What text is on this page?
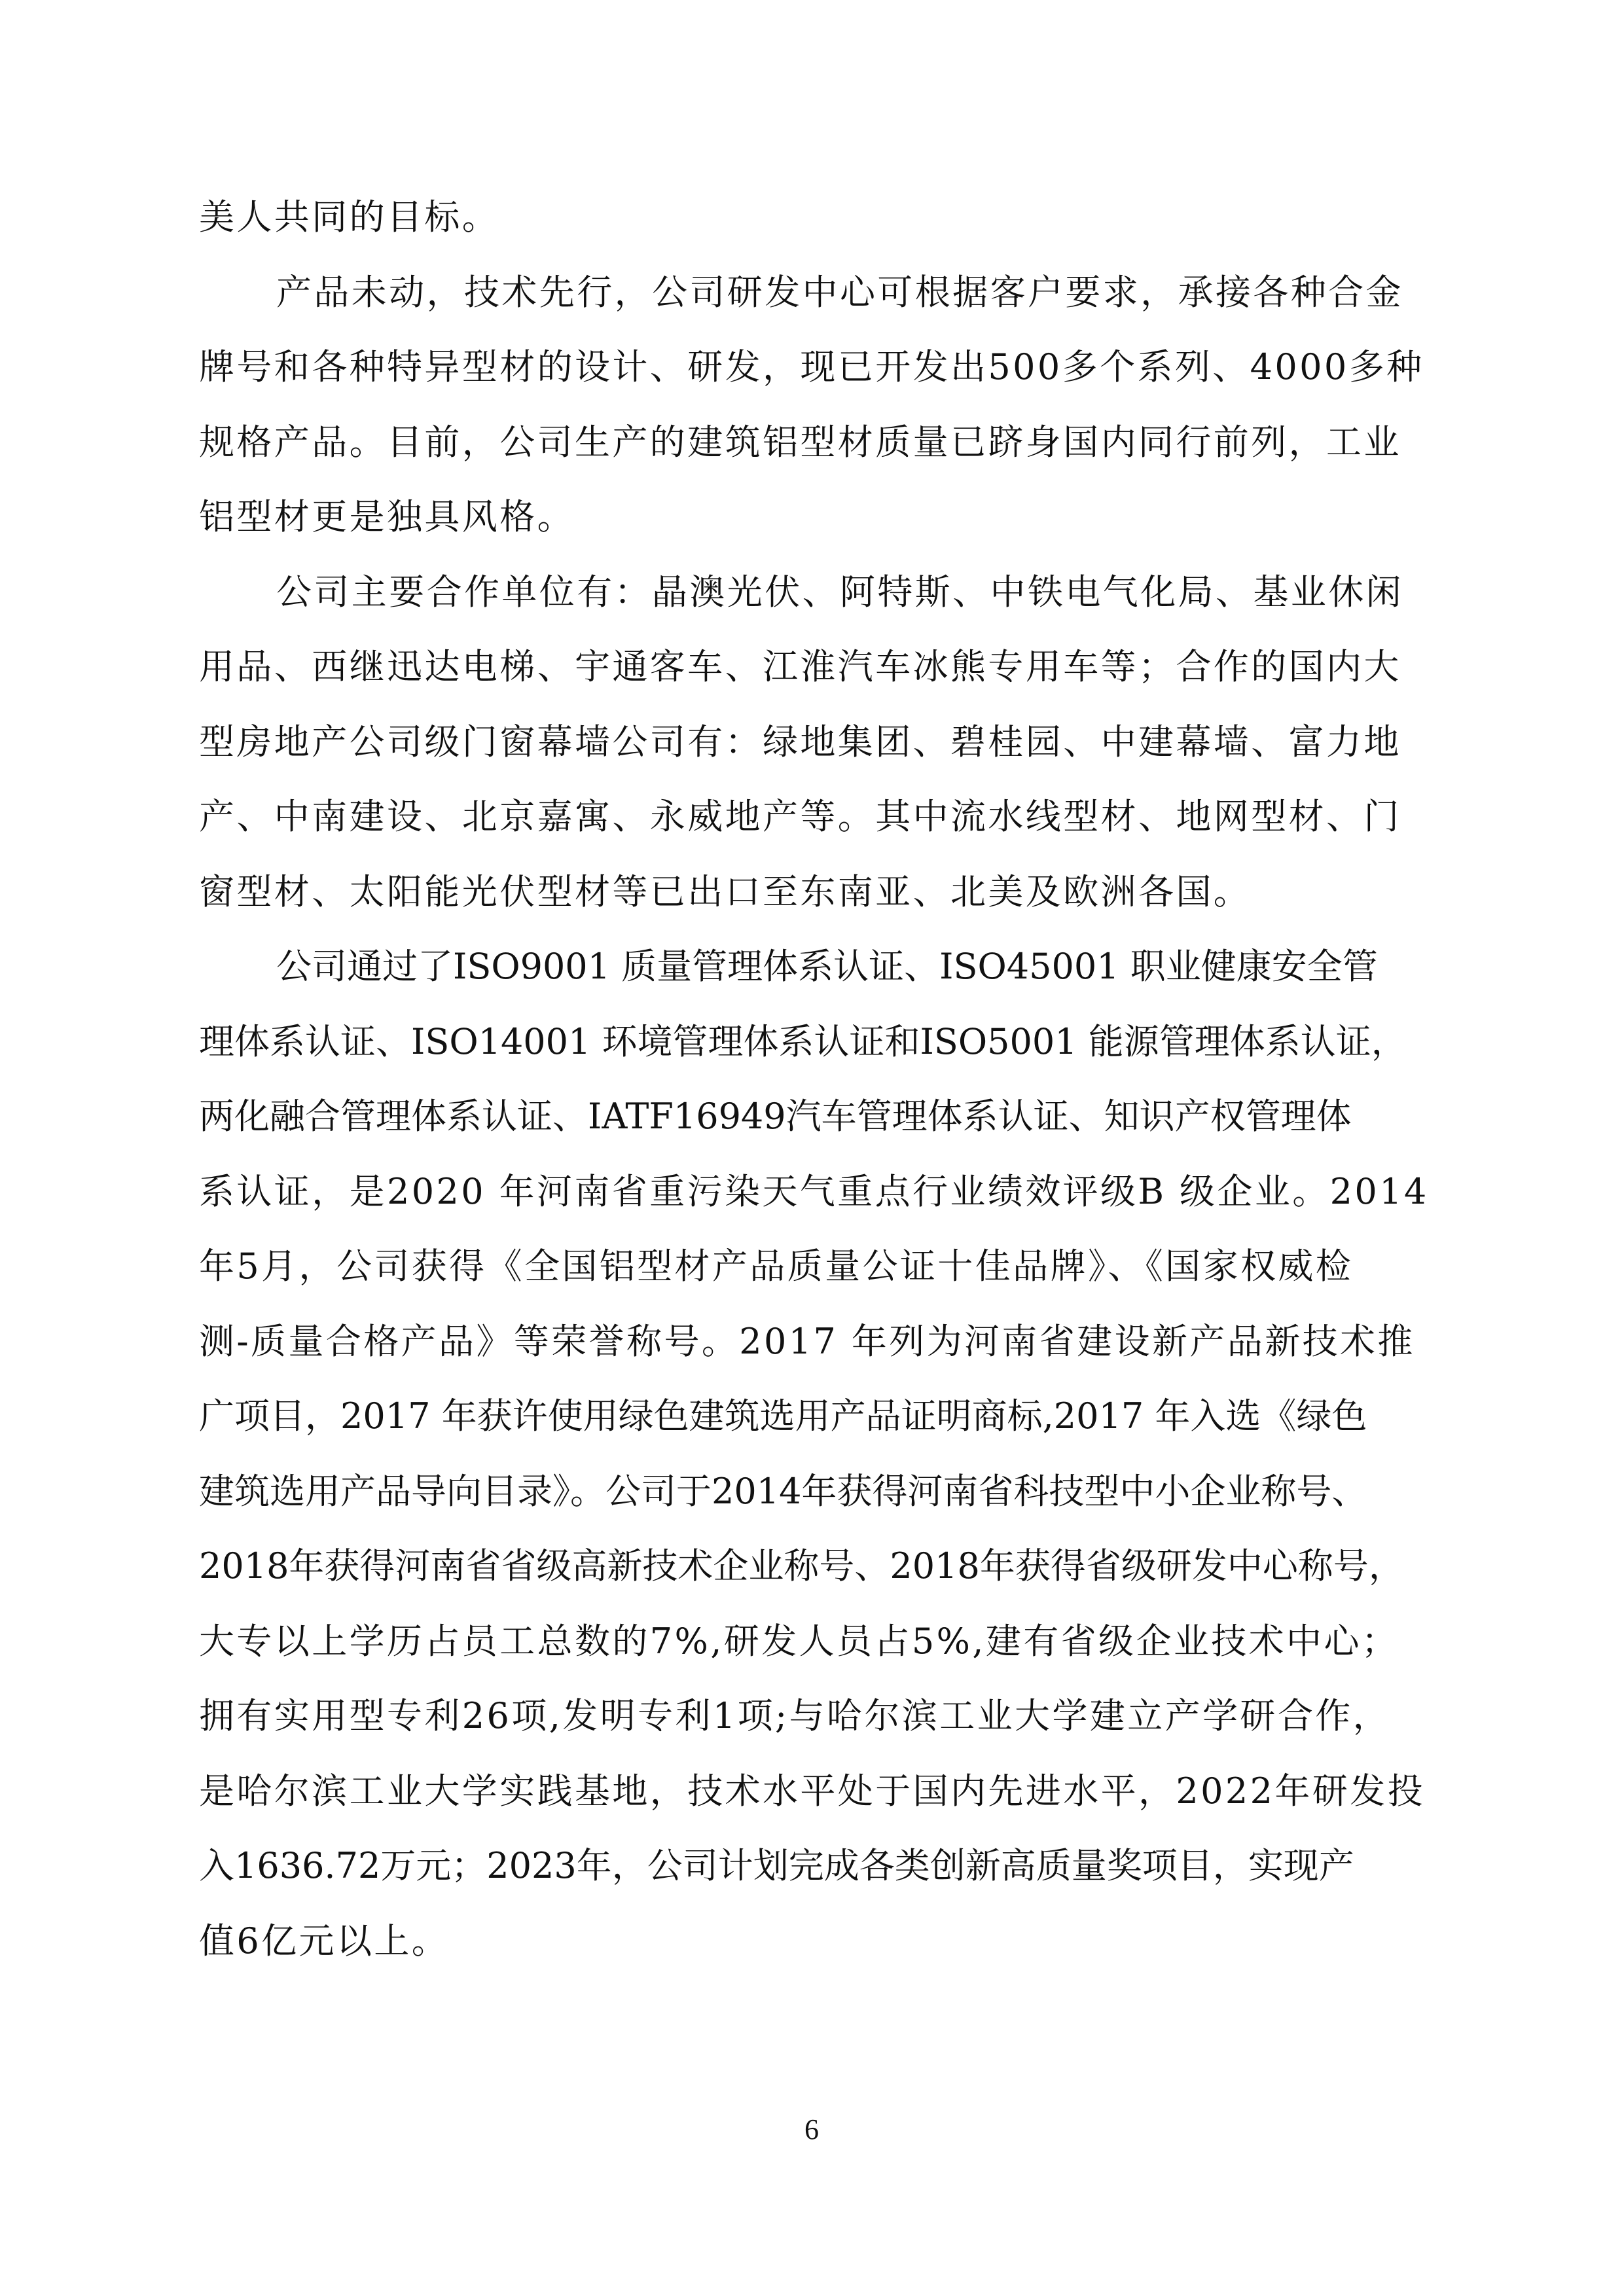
美人共同的目标。
产品未动，技术先行，公司研发中心可根据客户要求，承接各种合金
牌号和各种特异型材的设计、研发，现已开发出500多个系列、4000多种
规格产品。目前，公司生产的建筑铝型材质量已跻身国内同行前列，工业
铝型材更是独具风格。
公司主要合作单位有：晶澳光伏、阿特斯、中铁电气化局、基业休闲
用品、西继迅达电梯、宇通客车、江淮汽车冰熊专用车等；合作的国内大
型房地产公司级门窗幕墙公司有：绿地集团、碧桂园、中建幕墙、富力地
产、中南建设、北京嘉寓、永威地产等。其中流水线型材、地网型材、门
窗型材、太阳能光伏型材等已出口至东南亚、北美及欧洲各国。
公司通过了ISO9001 质量管理体系认证、ISO45001 职业健康安全管
理体系认证、ISO14001 环境管理体系认证和ISO5001 能源管理体系认证，
两化融合管理体系认证、IATF16949汽车管理体系认证、知识产权管理体
系认证，是2020 年河南省重污染天气重点行业绩效评级B 级企业。2014
年5月，公司获得《全国铝型材产品质量公证十佳品牌》、《国家权威检
测-质量合格产品》等荣誉称号。2017 年列为河南省建设新产品新技术推
广项目，2017 年获许使用绿色建筑选用产品证明商标,2017 年入选《绿色
建筑选用产品导向目录》。公司于2014年获得河南省科技型中小企业称号、
2018年获得河南省省级高新技术企业称号、2018年获得省级研发中心称号，
大专以上学历占员工总数的7%,研发人员占5%,建有省级企业技术中心；
拥有实用型专利26项,发明专利1项;与哈尔滨工业大学建立产学研合作，
是哈尔滨工业大学实践基地，技术水平处于国内先进水平，2022年研发投
入1636.72万元；2023年，公司计划完成各类创新高质量奖项目，实现产
值6亿元以上。
6
